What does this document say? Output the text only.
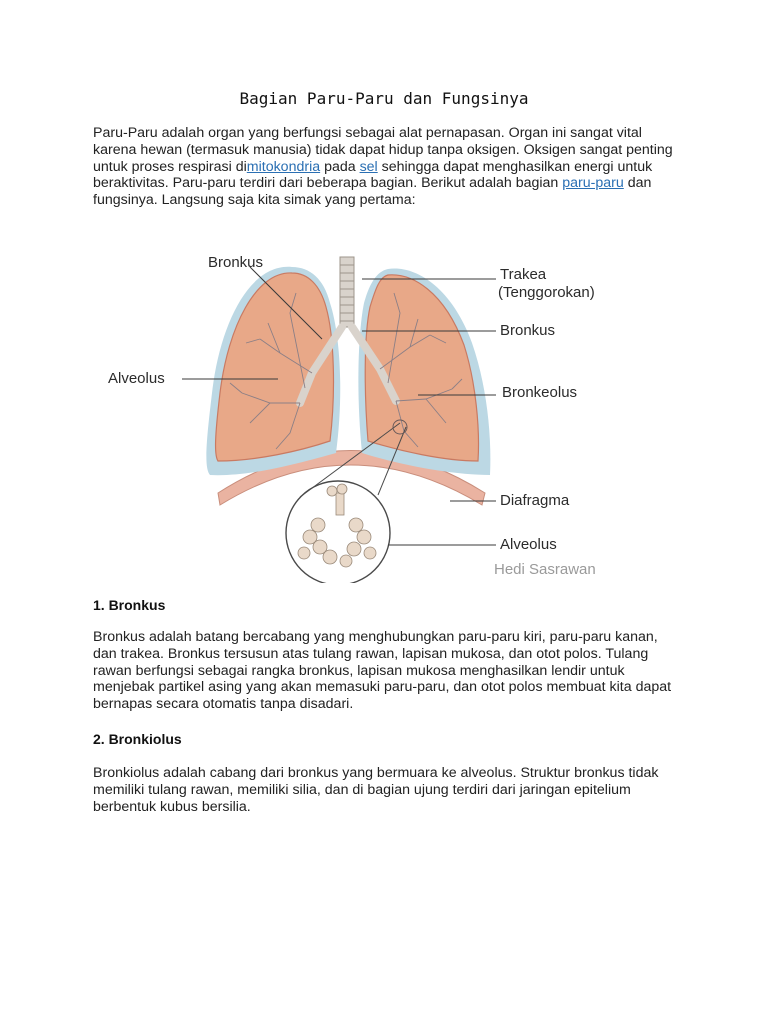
Bagian Paru-Paru dan Fungsinya
Paru-Paru adalah organ yang berfungsi sebagai alat pernapasan. Organ ini sangat vital karena hewan (termasuk manusia) tidak dapat hidup tanpa oksigen. Oksigen sangat penting untuk proses respirasi dimitokondria pada sel sehingga dapat menghasilkan energi untuk beraktivitas. Paru-paru terdiri dari beberapa bagian. Berikut adalah bagian paru-paru dan fungsinya. Langsung saja kita simak yang pertama:
Bronkus
Trakea
(Tenggorokan)
Bronkus
Alveolus
Bronkeolus
Diafragma
Alveolus
Hedi Sasrawan
1. Bronkus
Bronkus adalah batang bercabang yang menghubungkan paru-paru kiri, paru-paru kanan, dan trakea. Bronkus tersusun atas tulang rawan, lapisan mukosa, dan otot polos. Tulang rawan berfungsi sebagai rangka bronkus, lapisan mukosa menghasilkan lendir untuk menjebak partikel asing yang akan memasuki paru-paru, dan otot polos membuat kita dapat bernapas secara otomatis tanpa disadari.
2. Bronkiolus
Bronkiolus adalah cabang dari bronkus yang bermuara ke alveolus. Struktur bronkus tidak memiliki tulang rawan, memiliki silia, dan di bagian ujung terdiri dari jaringan epitelium berbentuk kubus bersilia.
